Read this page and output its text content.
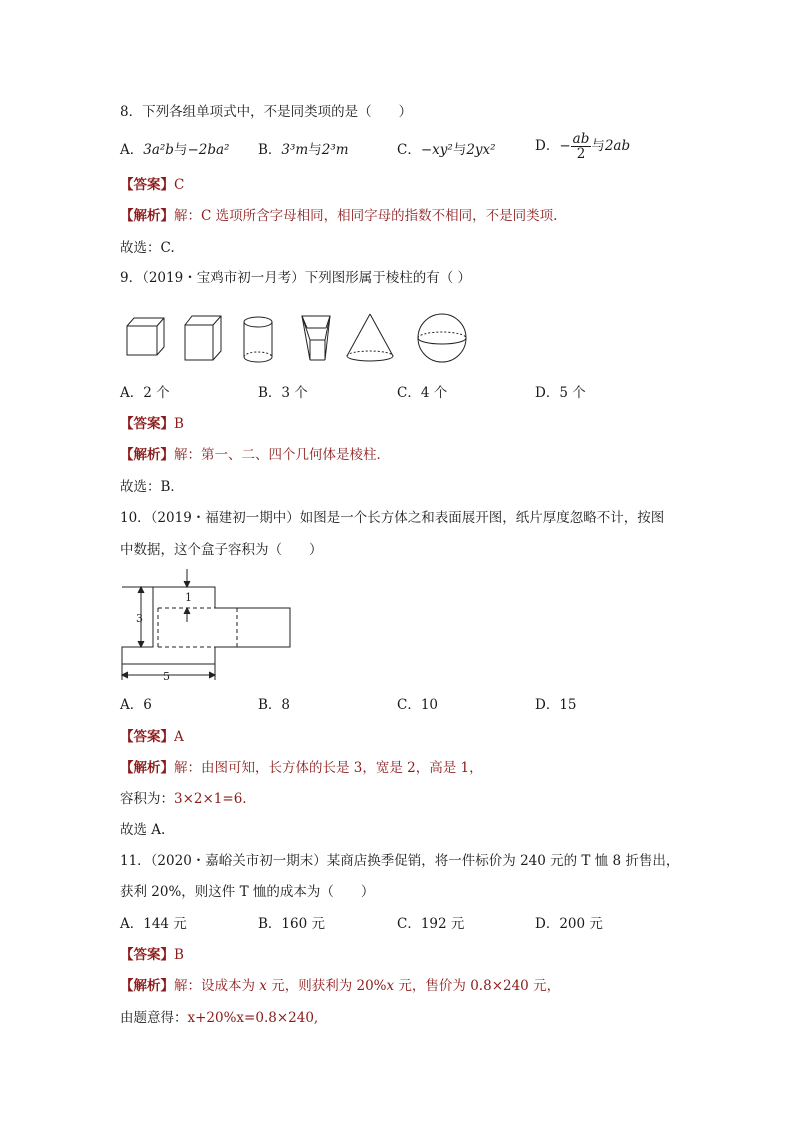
8．下列各组单项式中，不是同类项的是（　　）
A．3a²b与−2ba² B．3³m与2³m	C．−xy²与2yx²	D．− $\frac{ab}{2}$ 与2ab
【答案】C
【解析】解：C 选项所含字母相同，相同字母的指数不相同，不是同类项.
故选：C.
9．（2019・宝鸡市初一月考）下列图形属于棱柱的有（ ）
A．2 个	B．3 个	C．4 个	D．5 个
【答案】B
【解析】解：第一、二、四个几何体是棱柱．
故选：B．
10．（2019・福建初一期中）如图是一个长方体之和表面展开图，纸片厚度忽略不计，按图
中数据，这个盒子容积为（　　）
1
3
5
A．6	B．8	C．10	D．15
【答案】A
【解析】解：由图可知，长方体的长是 3，宽是 2，高是 1，
容积为：3×2×1=6.
故选 A.
11．（2020・嘉峪关市初一期末）某商店换季促销，将一件标价为 240 元的 T 恤 8 折售出，
获利 20%，则这件 T 恤的成本为（　　）
A．144 元	B．160 元	C．192 元	D．200 元
【答案】B
【解析】解：设成本为 x 元，则获利为 20%x 元，售价为 0.8×240 元，
由题意得：x+20%x=0.8×240,
